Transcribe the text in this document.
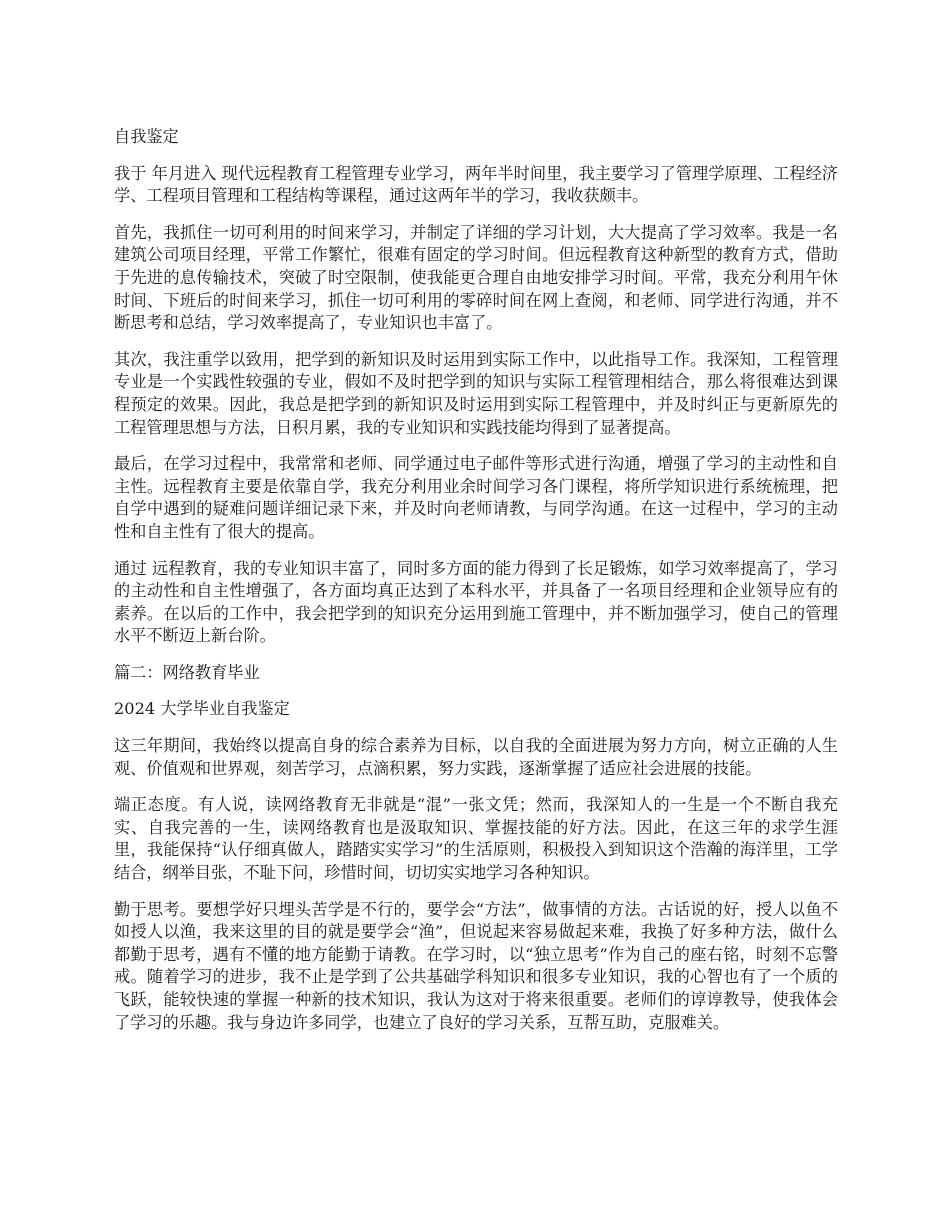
自我鉴定

我于 年月进入 现代远程教育工程管理专业学习，两年半时间里，我主要学习了管理学原理、工程经济学、工程项目管理和工程结构等课程，通过这两年半的学习，我收获颇丰。

首先，我抓住一切可利用的时间来学习，并制定了详细的学习计划，大大提高了学习效率。我是一名建筑公司项目经理，平常工作繁忙，很难有固定的学习时间。但远程教育这种新型的教育方式，借助于先进的息传输技术，突破了时空限制，使我能更合理自由地安排学习时间。平常，我充分利用午休时间、下班后的时间来学习，抓住一切可利用的零碎时间在网上查阅，和老师、同学进行沟通，并不断思考和总结，学习效率提高了，专业知识也丰富了。

其次，我注重学以致用，把学到的新知识及时运用到实际工作中，以此指导工作。我深知，工程管理专业是一个实践性较强的专业，假如不及时把学到的知识与实际工程管理相结合，那么将很难达到课程预定的效果。因此，我总是把学到的新知识及时运用到实际工程管理中，并及时纠正与更新原先的工程管理思想与方法，日积月累，我的专业知识和实践技能均得到了显著提高。

最后，在学习过程中，我常常和老师、同学通过电子邮件等形式进行沟通，增强了学习的主动性和自主性。远程教育主要是依靠自学，我充分利用业余时间学习各门课程，将所学知识进行系统梳理，把自学中遇到的疑难问题详细记录下来，并及时向老师请教，与同学沟通。在这一过程中，学习的主动性和自主性有了很大的提高。

通过 远程教育，我的专业知识丰富了，同时多方面的能力得到了长足锻炼，如学习效率提高了，学习的主动性和自主性增强了，各方面均真正达到了本科水平，并具备了一名项目经理和企业领导应有的素养。在以后的工作中，我会把学到的知识充分运用到施工管理中，并不断加强学习，使自己的管理水平不断迈上新台阶。

篇二：网络教育毕业

2024 大学毕业自我鉴定

这三年期间，我始终以提高自身的综合素养为目标，以自我的全面进展为努力方向，树立正确的人生观、价值观和世界观，刻苦学习，点滴积累，努力实践，逐渐掌握了适应社会进展的技能。

端正态度。有人说，读网络教育无非就是“混”一张文凭；然而，我深知人的一生是一个不断自我充实、自我完善的一生，读网络教育也是汲取知识、掌握技能的好方法。因此，在这三年的求学生涯里，我能保持“认仔细真做人，踏踏实实学习”的生活原则，积极投入到知识这个浩瀚的海洋里，工学结合，纲举目张，不耻下问，珍惜时间，切切实实地学习各种知识。

勤于思考。要想学好只埋头苦学是不行的，要学会“方法”，做事情的方法。古话说的好，授人以鱼不如授人以渔，我来这里的目的就是要学会“渔”，但说起来容易做起来难，我换了好多种方法，做什么都勤于思考，遇有不懂的地方能勤于请教。在学习时，以“独立思考”作为自己的座右铭，时刻不忘警戒。随着学习的进步，我不止是学到了公共基础学科知识和很多专业知识，我的心智也有了一个质的飞跃，能较快速的掌握一种新的技术知识，我认为这对于将来很重要。老师们的谆谆教导，使我体会了学习的乐趣。我与身边许多同学，也建立了良好的学习关系，互帮互助，克服难关。
